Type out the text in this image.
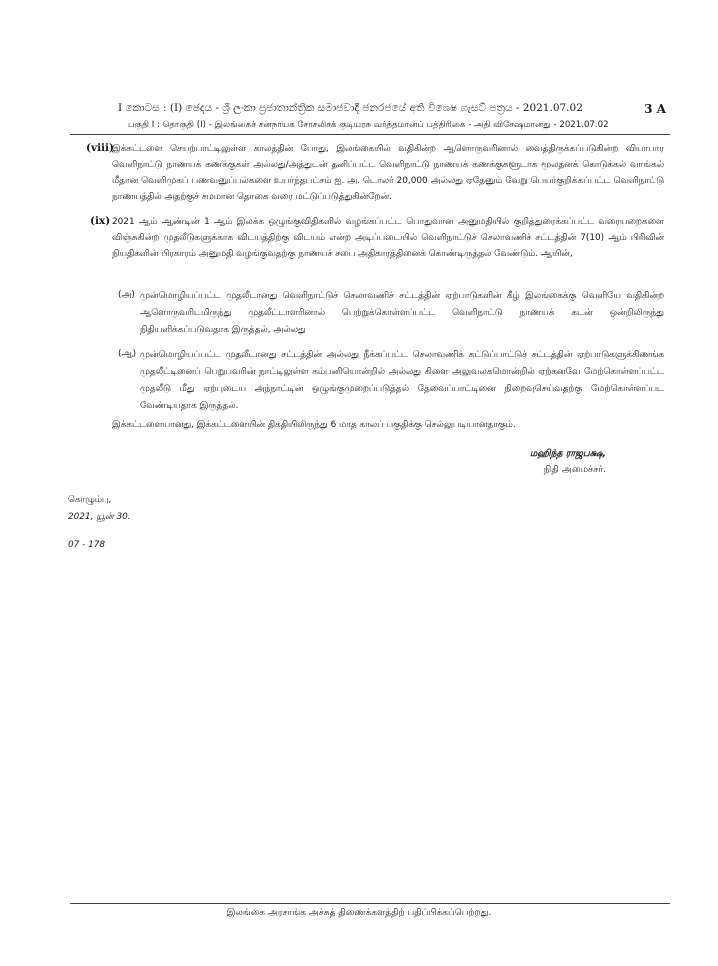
I කොටස : (I) ඡෙදය - ශ්‍රී ලංකා ප්‍රජාතාන්ත්‍රික සමාජවාදී ජනරජයේ අති විශෙෂ ගැසට් පත්‍රය - 2021.07.02	3 A
பகுதி I : தொகுதி (I) - இலங்கைச் சனநாயக சோசலிசக் குடியரசு வர்த்தமானப் பத்திரிகை - அதி விசேஷமானது - 2021.07.02
(viii)
இக்கட்டளை செயற்பாட்டிலுள்ள காலத்தின் போது, இலங்கையில் வதிகின்ற ஆளொருவரினால் வைத்திருக்கப்படுகின்ற வியாபார வெளிநாட்டு நாணயக் கணக்குகள் அல்லது/அத்துடன் தனிப்பட்ட வெளிநாட்டு நாணயக் கணக்குகளூடாக மூலதனக் கொடுக்கல் வாங்கல் மீதான வெளிமுகப் பணவனுப்பல்களை உயர்ந்தபட்சம் ஐ. அ. டொலர் 20,000 அல்லது ஏதேனும் வேறு பெயர்குறிக்கப்பட்ட வெளிநாட்டு நாணயத்தில் அதற்குச் சமமான தொகை வரை மட்டுப்படுத்துகின்றேன்.
(ix) 2021 ஆம் ஆண்டின் 1 ஆம் இலக்க ஒழுங்குவிதிகளில் வழங்கப்பட்ட பொதுவான அனுமதியில் குறித்துரைக்கப்பட்ட வரையறைகளை விஞ்சுகின்ற முதலீடுகளுக்காக விடயத்திற்கு விடயம் என்ற அடிப்படையில் வெளிநாட்டுச் செலாவணிச் சட்டத்தின் 7(10) ஆம் பிரிவின் நியதிகளின் பிரகாரம் அனுமதி வழங்குவதற்கு நாணயச் சபை அதிகாரத்தினைக் கொண்டிருத்தல் வேண்டும். ஆயின்,
(அ) முன்மொழியப்பட்ட முதலீடானது வெளிநாட்டுச் செலாவணிச் சட்டத்தின் ஏற்பாடுகளின் கீழ் இலங்கைக்கு வெளியே வதிகின்ற ஆளொருவரிடமிருந்து முதலீட்டாளரினால் பெற்றுக்கொள்ளப்பட்ட வெளிநாட்டு நாணயக் கடன் ஒன்றிலிருந்து நிதியளிக்கப்படுவதாக இருத்தல், அல்லது
(ஆ) முன்மொழியப்பட்ட முதலீடானது சட்டத்தின் அல்லது நீக்கப்பட்ட செலாவணிக் கட்டுப்பாட்டுச் சட்டத்தின் ஏற்பாடுகளுக்கிணங்க முதலீட்டினைப் பெறுபவரின் நாட்டிலுள்ள கம்பனியொன்றில் அல்லது கிளை அலுவலகமொன்றில் ஏற்கனவே மேற்கொள்ளப்பட்ட முதலீடு மீது ஏற்புடைய அந்நாட்டின் ஒழுங்குமுறைப்படுத்தல் தேவைப்பாட்டினை நிறைவுசெய்வதற்கு மேற்கொள்ளப்பட வேண்டியதாக இருத்தல்.
இக்கட்டளையானது, இக்கட்டளையின் திகதியிலிருந்து 6 மாத காலப் பகுதிக்கு செல்லுபடியானதாகும்.
மஹிந்த ராஜபக்ஷ,
நிதி அமைச்சர்.
கொழும்பு,
2021, யூன் 30.
07 - 178
இலங்கை அரசாங்க அச்சுத் திணைக்களத்திற் பதிப்பிக்கப்பெற்றது.
